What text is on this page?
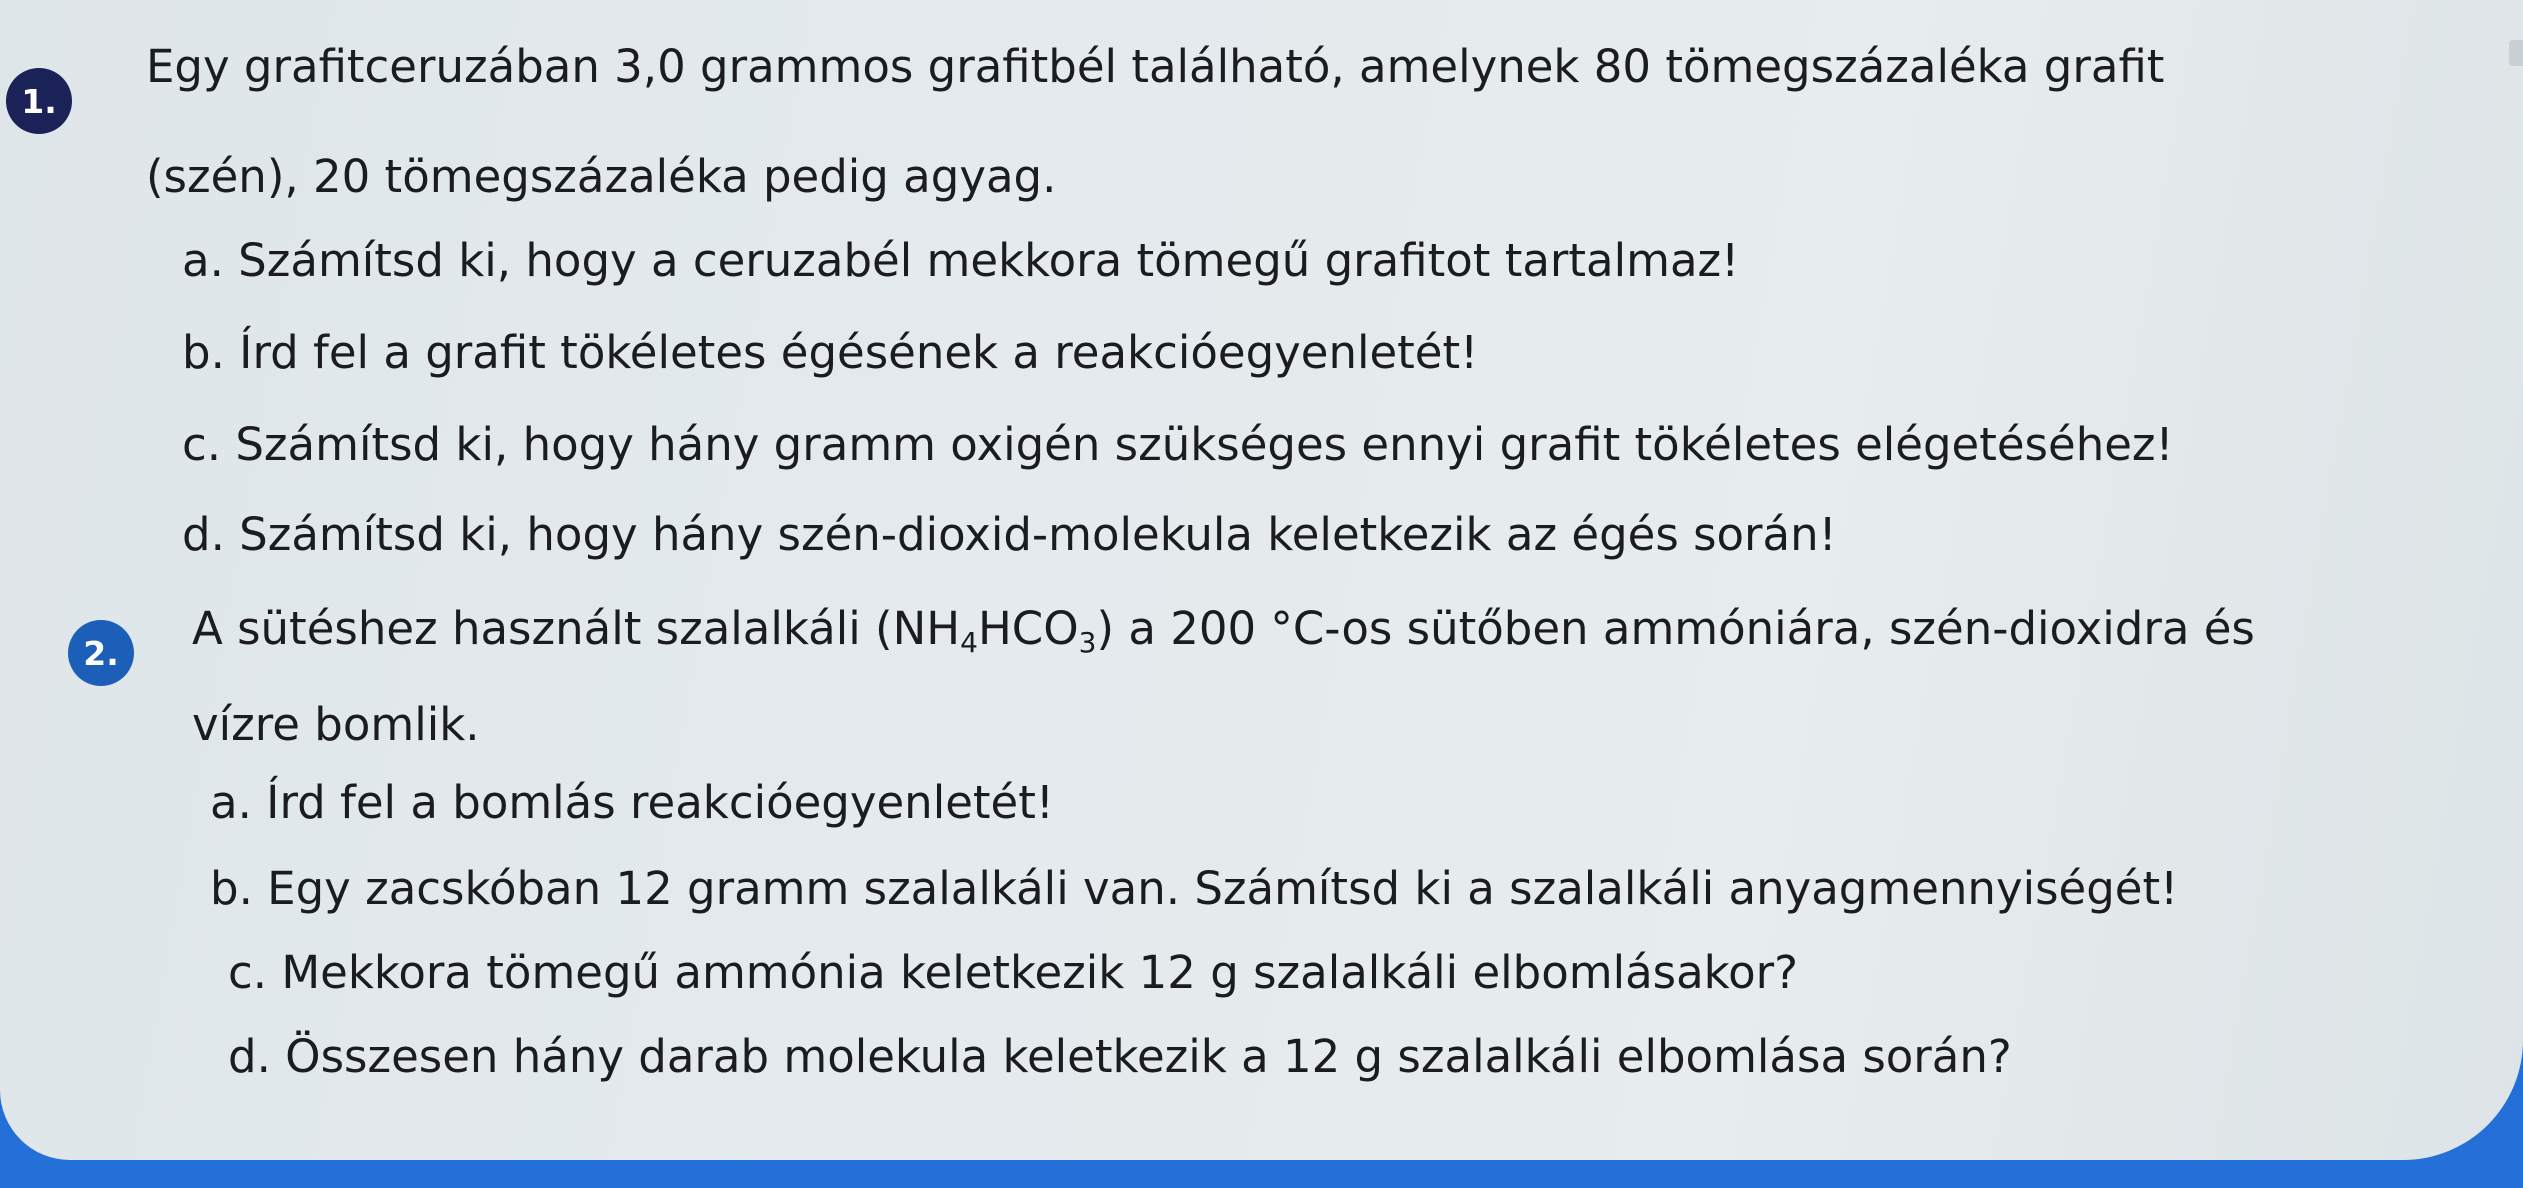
1.
Egy grafitceruzában 3,0 grammos grafitbél található, amelynek 80 tömegszázaléka grafit
(szén), 20 tömegszázaléka pedig agyag.
a. Számítsd ki, hogy a ceruzabél mekkora tömegű grafitot tartalmaz!
b. Írd fel a grafit tökéletes égésének a reakcióegyenletét!
c. Számítsd ki, hogy hány gramm oxigén szükséges ennyi grafit tökéletes elégetéséhez!
d. Számítsd ki, hogy hány szén-dioxid-molekula keletkezik az égés során!
2. A sütéshez használt szalalkáli $(NH_4HCO_3)$ a 200 °C-os sütőben ammóniára, szén-dioxidra és
vízre bomlik.
a. Írd fel a bomlás reakcióegyenletét!
b. Egy zacskóban 12 gramm szalalkáli van. Számítsd ki a szalalkáli anyagmennyiségét!
c. Mekkora tömegű ammónia keletkezik 12 g szalalkáli elbomlásakor?
d. Összesen hány darab molekula keletkezik a 12 g szalalkáli elbomlása során?
